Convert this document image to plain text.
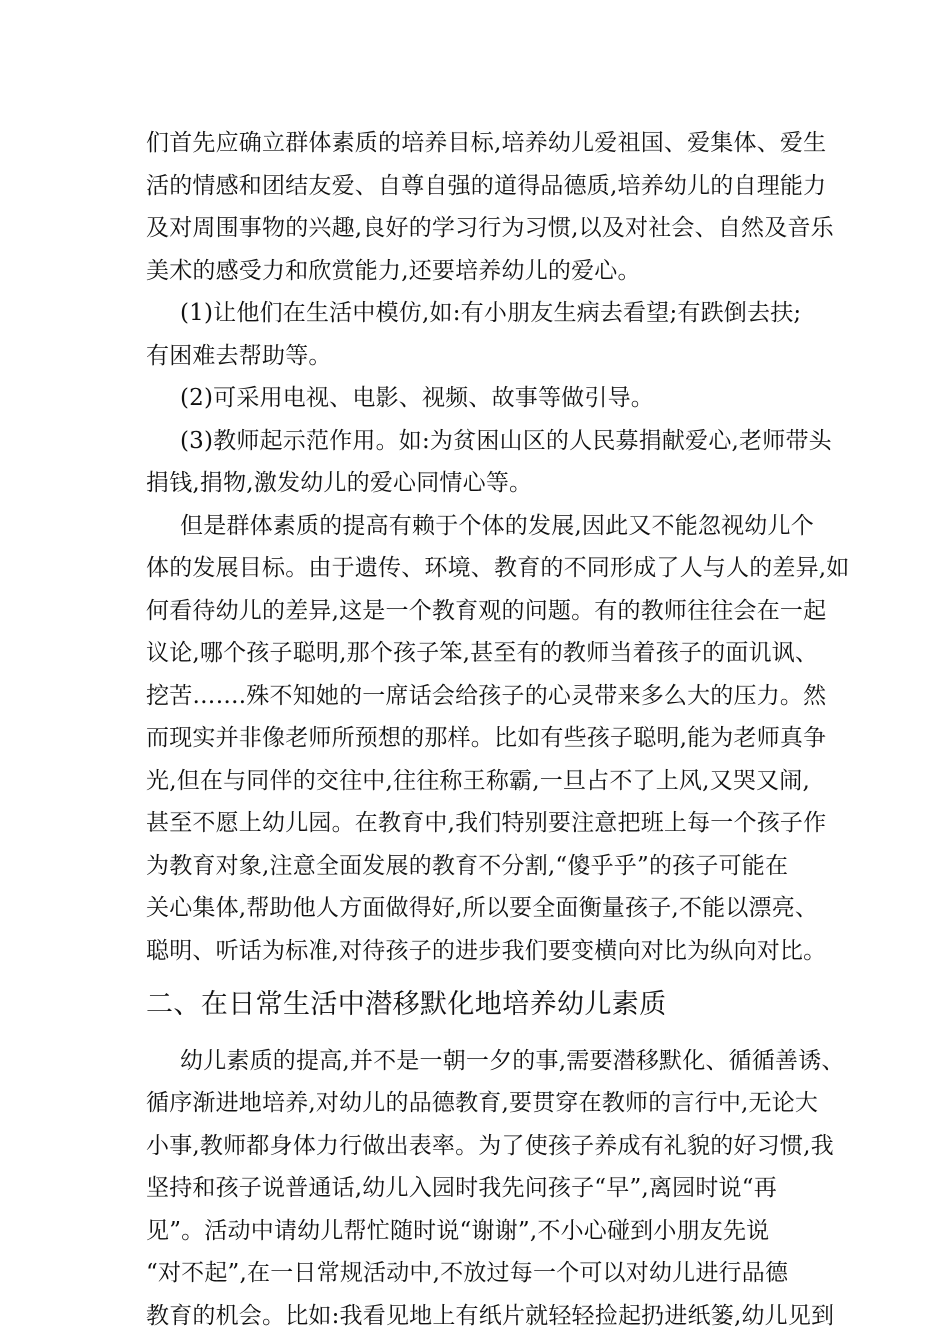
们首先应确立群体素质的培养目标,培养幼儿爱祖国、爱集体、爱生
活的情感和团结友爱、自尊自强的道得品德质,培养幼儿的自理能力
及对周围事物的兴趣,良好的学习行为习惯,以及对社会、自然及音乐
美术的感受力和欣赏能力,还要培养幼儿的爱心。
(1)让他们在生活中模仿,如:有小朋友生病去看望;有跌倒去扶;
有困难去帮助等。
(2)可采用电视、电影、视频、故事等做引导。
(3)教师起示范作用。如:为贫困山区的人民募捐献爱心,老师带头
捐钱,捐物,激发幼儿的爱心同情心等。
但是群体素质的提高有赖于个体的发展,因此又不能忽视幼儿个
体的发展目标。由于遗传、环境、教育的不同形成了人与人的差异,如
何看待幼儿的差异,这是一个教育观的问题。有的教师往往会在一起
议论,哪个孩子聪明,那个孩子笨,甚至有的教师当着孩子的面讥讽、
挖苦…….殊不知她的一席话会给孩子的心灵带来多么大的压力。然
而现实并非像老师所预想的那样。比如有些孩子聪明,能为老师真争
光,但在与同伴的交往中,往往称王称霸,一旦占不了上风,又哭又闹,
甚至不愿上幼儿园。在教育中,我们特别要注意把班上每一个孩子作
为教育对象,注意全面发展的教育不分割,“傻乎乎”的孩子可能在
关心集体,帮助他人方面做得好,所以要全面衡量孩子,不能以漂亮、
聪明、听话为标准,对待孩子的进步我们要变横向对比为纵向对比。
二、在日常生活中潜移默化地培养幼儿素质
幼儿素质的提高,并不是一朝一夕的事,需要潜移默化、循循善诱、
循序渐进地培养,对幼儿的品德教育,要贯穿在教师的言行中,无论大
小事,教师都身体力行做出表率。为了使孩子养成有礼貌的好习惯,我
坚持和孩子说普通话,幼儿入园时我先问孩子“早”,离园时说“再
见”。活动中请幼儿帮忙随时说“谢谢”,不小心碰到小朋友先说
“对不起”,在一日常规活动中,不放过每一个可以对幼儿进行品德
教育的机会。比如:我看见地上有纸片就轻轻捡起扔进纸篓,幼儿见到
